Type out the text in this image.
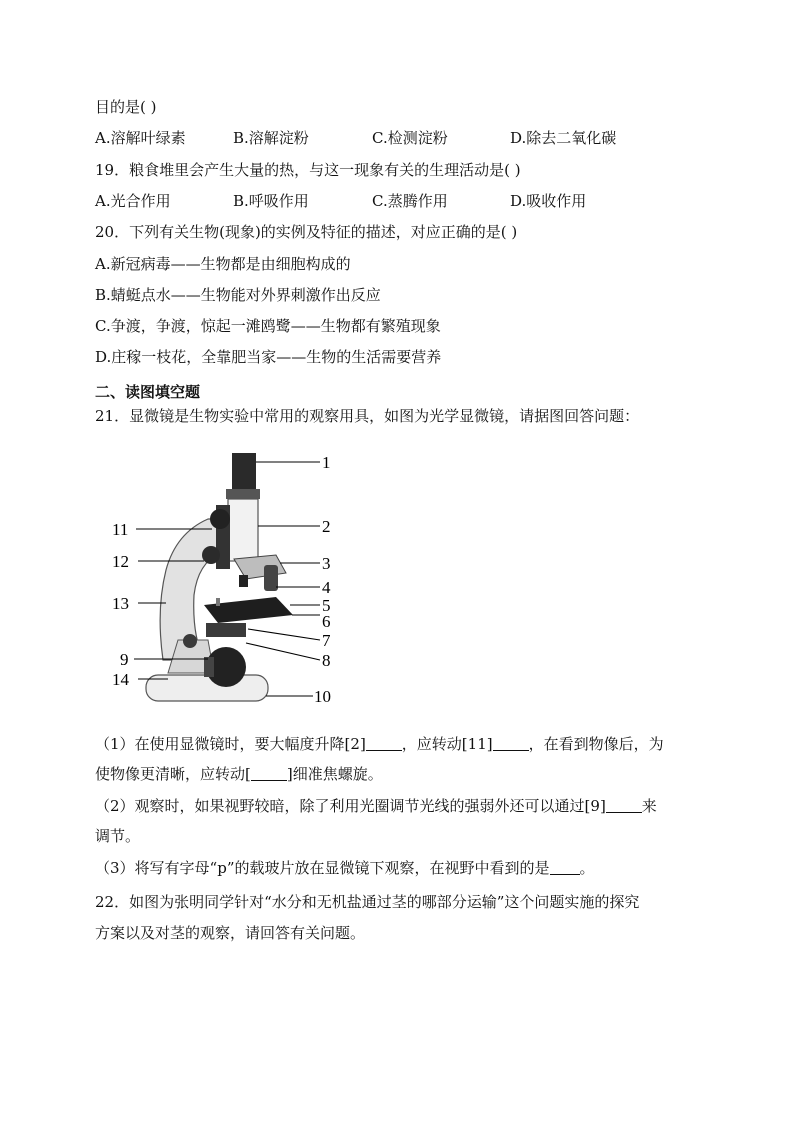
目的是( )
A.溶解叶绿素	B.溶解淀粉	C.检测淀粉	D.除去二氧化碳
19．粮食堆里会产生大量的热，与这一现象有关的生理活动是( )
A.光合作用	B.呼吸作用	C.蒸腾作用	D.吸收作用
20．下列有关生物(现象)的实例及特征的描述，对应正确的是( )
A.新冠病毒——生物都是由细胞构成的
B.蜻蜓点水——生物能对外界刺激作出反应
C.争渡，争渡，惊起一滩鸥鹭——生物都有繁殖现象
D.庄稼一枝花，全靠肥当家——生物的生活需要营养
二、读图填空题
21．显微镜是生物实验中常用的观察用具，如图为光学显微镜，请据图回答问题：
1
2
3
4
5
6
7
8
9
10
11
12
13
14
（1）在使用显微镜时，要大幅度升降[2] ，应转动[11] ，在看到物像后，为
使物像更清晰，应转动[ ]细准焦螺旋。
（2）观察时，如果视野较暗，除了利用光圈调节光线的强弱外还可以通过[9] 来
调节。
（3）将写有字母“p”的载玻片放在显微镜下观察，在视野中看到的是 。
22．如图为张明同学针对“水分和无机盐通过茎的哪部分运输”这个问题实施的探究
方案以及对茎的观察，请回答有关问题。
